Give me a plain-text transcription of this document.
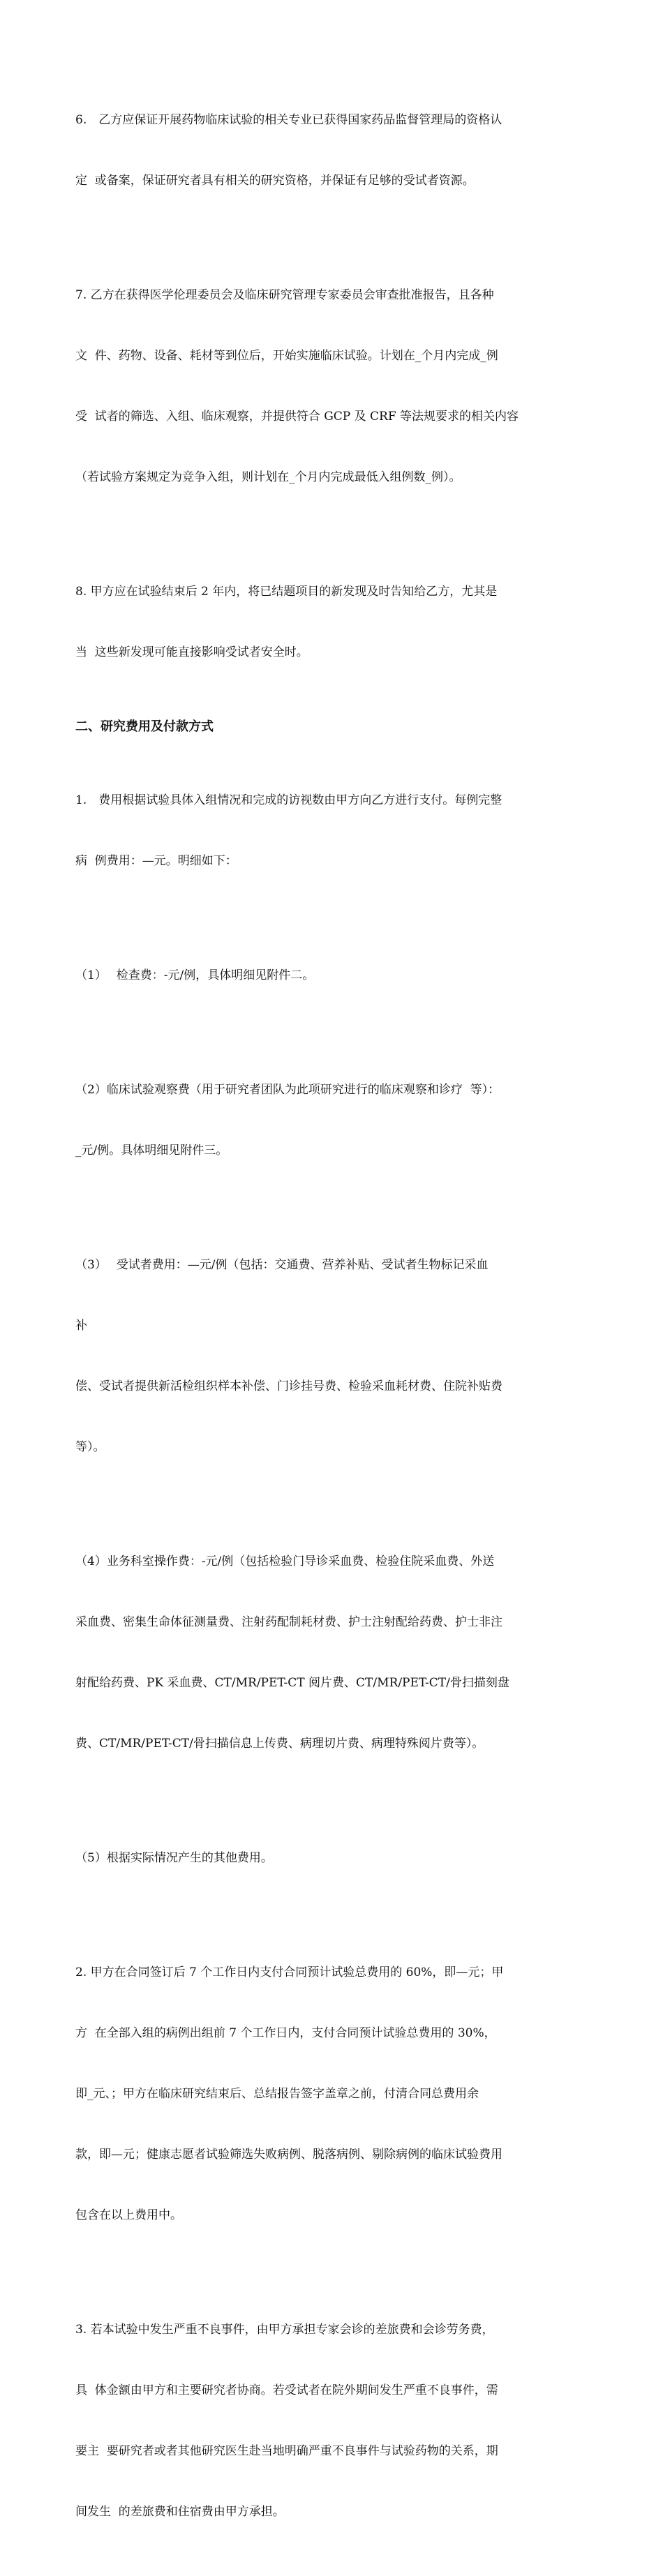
6.　乙方应保证开展药物临床试验的相关专业已获得国家药品监督管理局的资格认

定  或备案，保证研究者具有相关的研究资格，并保证有足够的受试者资源。

7. 乙方在获得医学伦理委员会及临床研究管理专家委员会审查批准报告，且各种

文  件、药物、设备、耗材等到位后，开始实施临床试验。计划在_个月内完成_例

受  试者的筛选、入组、临床观察，并提供符合 GCP 及 CRF 等法规要求的相关内容

（若试验方案规定为竞争入组，则计划在_个月内完成最低入组例数_例）。

8. 甲方应在试验结束后 2 年内，将已结题项目的新发现及时告知给乙方，尤其是

当  这些新发现可能直接影响受试者安全时。

二、研究费用及付款方式

1.　费用根据试验具体入组情况和完成的访视数由甲方向乙方进行支付。每例完整

病  例费用：—元。明细如下：

（1）　 检查费：-元/例，具体明细见附件二。

（2）临床试验观察费（用于研究者团队为此项研究进行的临床观察和诊疗  等）：

_元/例。具体明细见附件三。

（3）　 受试者费用：—元/例（包括：交通费、营养补贴、受试者生物标记采血

补

偿、受试者提供新活检组织样本补偿、门诊挂号费、检验采血耗材费、住院补贴费

等）。

（4）业务科室操作费：-元/例（包括检验门导诊采血费、检验住院采血费、外送

采血费、密集生命体征测量费、注射药配制耗材费、护士注射配给药费、护士非注

射配给药费、PK 采血费、CT/MR/PET-CT 阅片费、CT/MR/PET-CT/骨扫描刻盘

费、CT/MR/PET-CT/骨扫描信息上传费、病理切片费、病理特殊阅片费等）。

（5）根据实际情况产生的其他费用。

2. 甲方在合同签订后 7 个工作日内支付合同预计试验总费用的 60%，即—元；甲

方  在全部入组的病例出组前 7 个工作日内，支付合同预计试验总费用的 30%，

即_元、；甲方在临床研究结束后、总结报告签字盖章之前，付清合同总费用余

款，即—元；健康志愿者试验筛选失败病例、脱落病例、剔除病例的临床试验费用

包含在以上费用中。

3. 若本试验中发生严重不良事件，由甲方承担专家会诊的差旅费和会诊劳务费，

具  体金额由甲方和主要研究者协商。若受试者在院外期间发生严重不良事件，需

要主  要研究者或者其他研究医生赴当地明确严重不良事件与试验药物的关系，期

间发生  的差旅费和住宿费由甲方承担。
